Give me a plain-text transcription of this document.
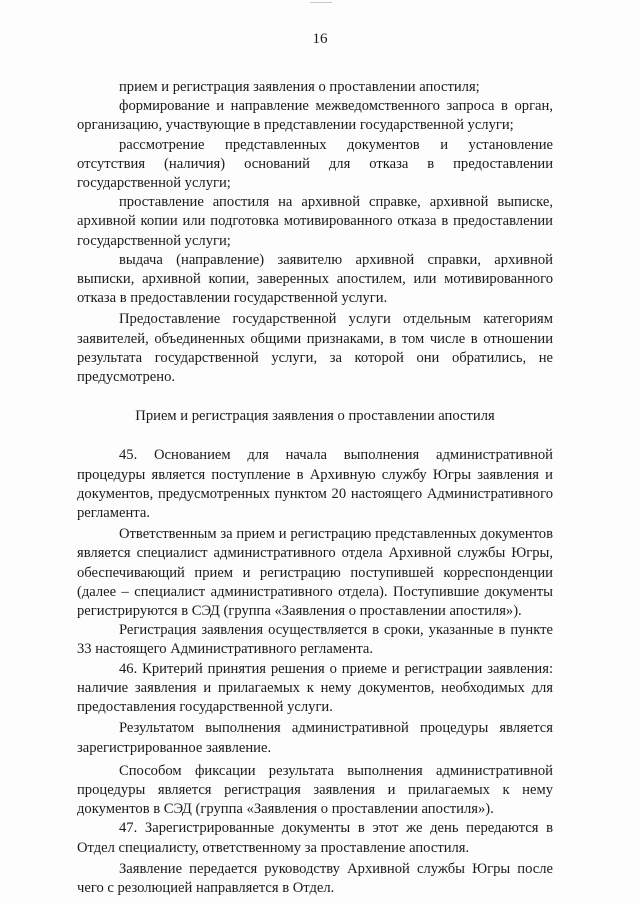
16

прием и регистрация заявления о проставлении апостиля;

формирование и направление межведомственного запроса в орган, организацию, участвующие в представлении государственной услуги;

рассмотрение представленных документов и установление отсутствия (наличия) оснований для отказа в предоставлении государственной услуги;

проставление апостиля на архивной справке, архивной выписке, архивной копии или подготовка мотивированного отказа в предоставлении государственной услуги;

выдача (направление) заявителю архивной справки, архивной выписки, архивной копии, заверенных апостилем, или мотивированного отказа в предоставлении государственной услуги.

Предоставление государственной услуги отдельным категориям заявителей, объединенных общими признаками, в том числе в отношении результата государственной услуги, за которой они обратились, не предусмотрено.

Прием и регистрация заявления о проставлении апостиля

45. Основанием для начала выполнения административной процедуры является поступление в Архивную службу Югры заявления и документов, предусмотренных пунктом 20 настоящего Административного регламента.

Ответственным за прием и регистрацию представленных документов является специалист административного отдела Архивной службы Югры, обеспечивающий прием и регистрацию поступившей корреспонденции (далее – специалист административного отдела). Поступившие документы регистрируются в СЭД (группа «Заявления о проставлении апостиля»).

Регистрация заявления осуществляется в сроки, указанные в пункте 33 настоящего Административного регламента.

46. Критерий принятия решения о приеме и регистрации заявления: наличие заявления и прилагаемых к нему документов, необходимых для предоставления государственной услуги.

Результатом выполнения административной процедуры является зарегистрированное заявление.

Способом фиксации результата выполнения административной процедуры является регистрация заявления и прилагаемых к нему документов в СЭД (группа «Заявления о проставлении апостиля»).

47. Зарегистрированные документы в этот же день передаются в Отдел специалисту, ответственному за проставление апостиля.

Заявление передается руководству Архивной службы Югры после чего с резолюцией направляется в Отдел.
